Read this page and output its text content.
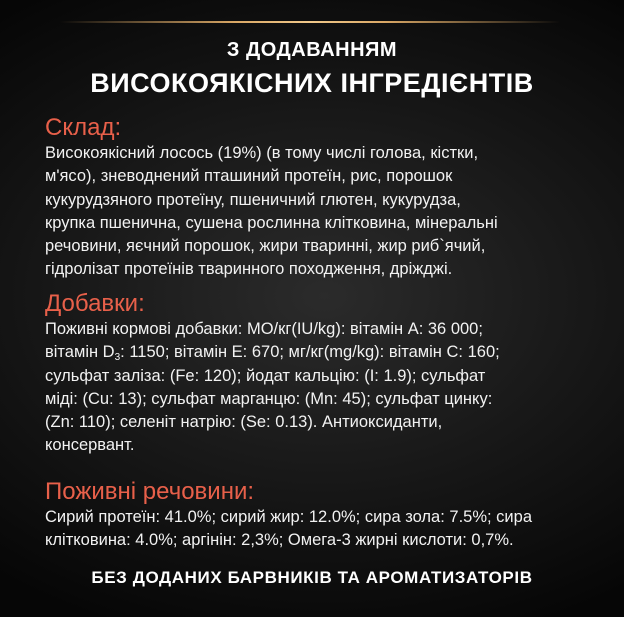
З ДОДАВАННЯМ
ВИСОКОЯКІСНИХ ІНГРЕДІЄНТІВ
Склад:
Високоякісний лосось (19%) (в тому числі голова, кістки,
м'ясо), зневоднений пташиний протеїн, рис, порошок
кукурудзяного протеїну, пшеничний глютен, кукурудза,
крупка пшенична, сушена рослинна клітковина, мінеральні
речовини, яєчний порошок, жири тваринні, жир риб`ячий,
гідролізат протеїнів тваринного походження, дріжджі.
Добавки:
Поживні кормові добавки: МО/кг(IU/kg): вітамін А: 36 000;
вітамін $D_3$: 1150; вітамін Е: 670; мг/кг(mg/kg): вітамін С: 160;
сульфат заліза: (Fe: 120); йодат кальцію: (I: 1.9); сульфат
міді: (Cu: 13); сульфат марганцю: (Mn: 45); сульфат цинку:
(Zn: 110); селеніт натрію: (Se: 0.13). Антиоксиданти,
консервант.
Поживні речовини:
Сирий протеїн: 41.0%; сирий жир: 12.0%; сира зола: 7.5%; сира
клітковина: 4.0%; аргінін: 2,3%; Омега-3 жирні кислоти: 0,7%.
БЕЗ ДОДАНИХ БАРВНИКІВ ТА АРОМАТИЗАТОРІВ
